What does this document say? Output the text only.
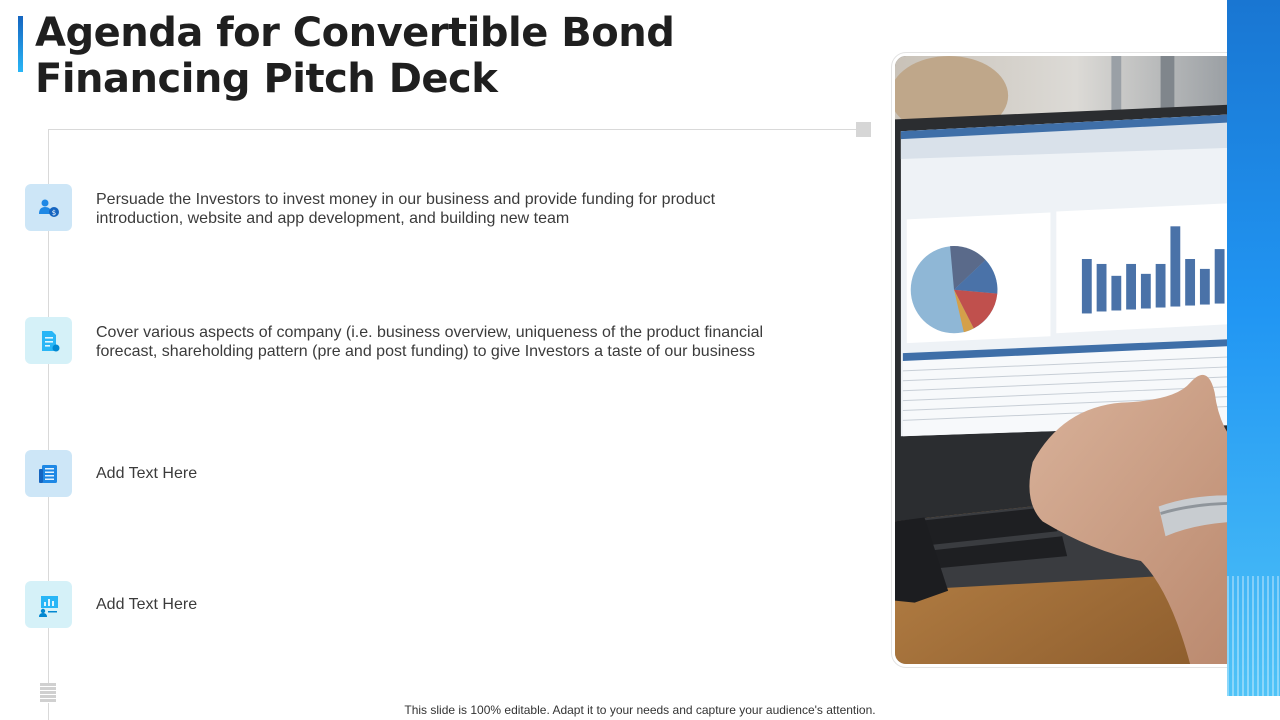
Agenda for Convertible Bond Financing Pitch Deck
$

Persuade the Investors to invest money in our business and provide funding for product introduction, website and app development, and building new team

Cover various aspects of company (i.e. business overview, uniqueness of the product financial forecast, shareholding pattern (pre and post funding) to give Investors a taste of our business

Add Text Here

Add Text Here

This slide is 100% editable. Adapt it to your needs and capture your audience's attention.
